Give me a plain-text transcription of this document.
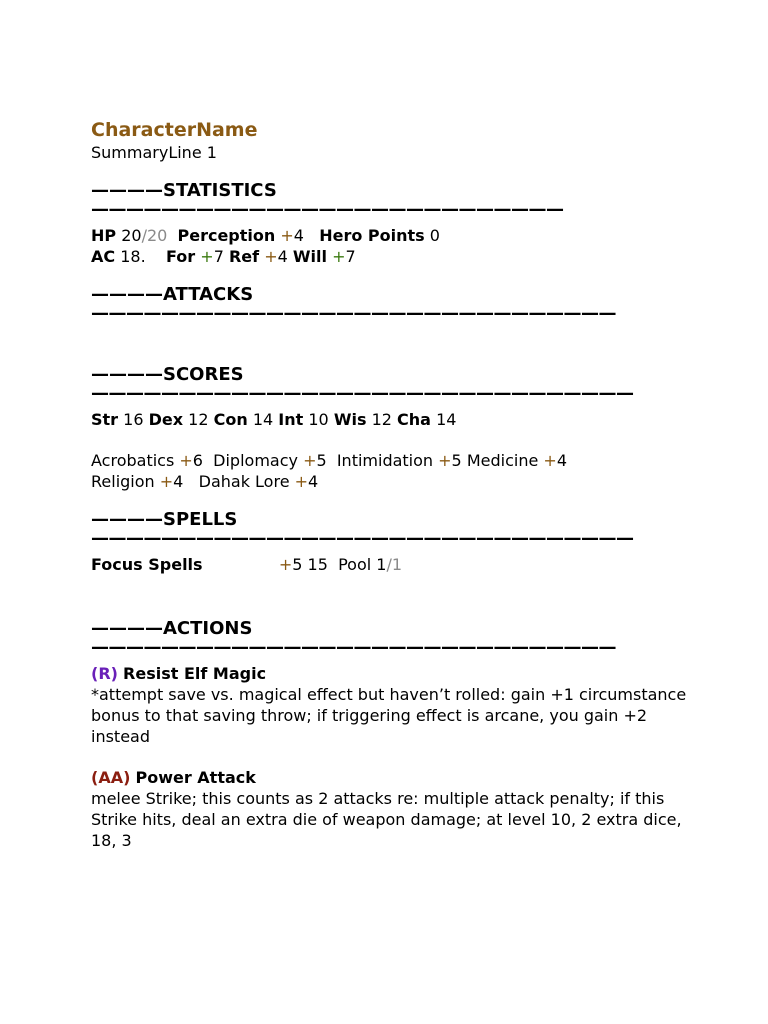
CharacterName
SummaryLine 1
————STATISTICS
———————————————————————————
HP 20/20 Perception +4 Hero Points 0
AC 18. For +7 Ref +4 Will +7
————ATTACKS
——————————————————————————————
————SCORES
———————————————————————————————
Str 16 Dex 12 Con 14 Int 10 Wis 12 Cha 14
Acrobatics +6 Diplomacy +5 Intimidation +5 Medicine +4
Religion +4 Dahak Lore +4
————SPELLS
———————————————————————————————
Focus Spells	+5 15 Pool 1/1
————ACTIONS
——————————————————————————————
(R) Resist Elf Magic
*attempt save vs. magical effect but haven’t rolled: gain +1 circumstance bonus to that saving throw; if triggering effect is arcane, you gain +2 instead
(AA) Power Attack
melee Strike; this counts as 2 attacks re: multiple attack penalty; if this Strike hits, deal an extra die of weapon damage; at level 10, 2 extra dice, 18, 3
